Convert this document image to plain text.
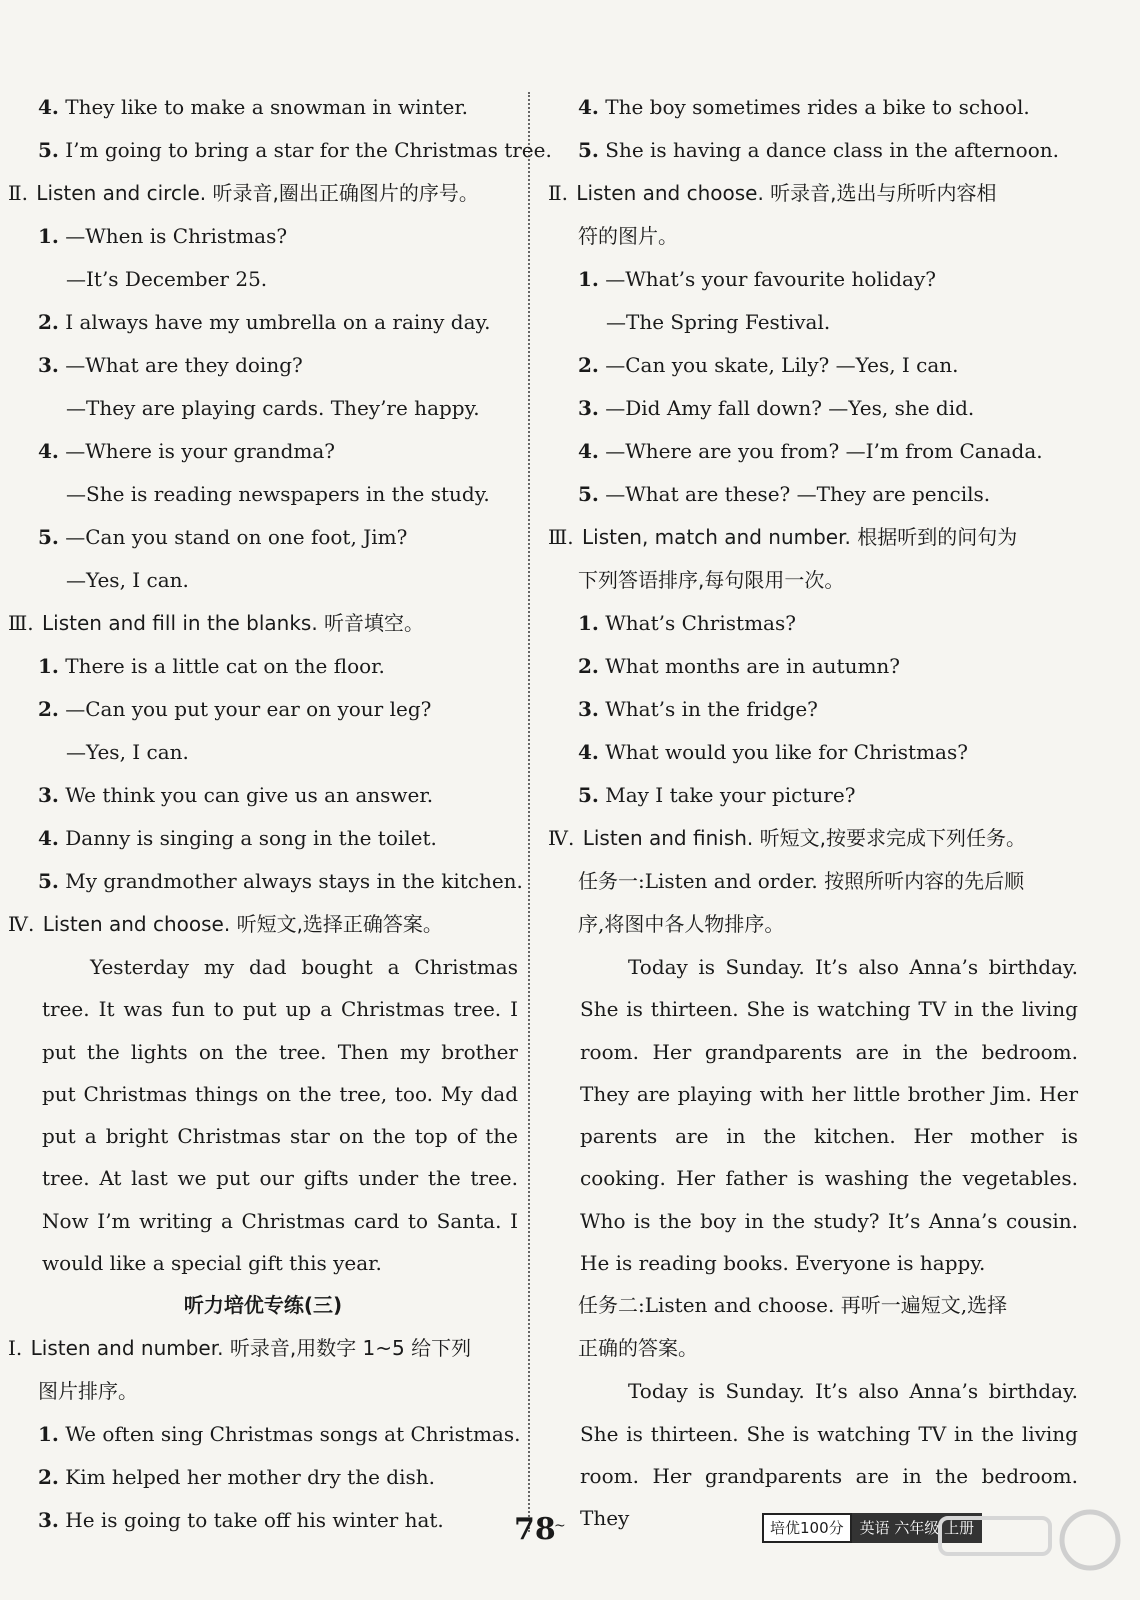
4. They like to make a snowman in winter.
5. I’m going to bring a star for the Christmas tree.
Ⅱ. Listen and circle. 听录音,圈出正确图片的序号。
1. —When is Christmas?
—It’s December 25.
2. I always have my umbrella on a rainy day.
3. —What are they doing?
—They are playing cards. They’re happy.
4. —Where is your grandma?
—She is reading newspapers in the study.
5. —Can you stand on one foot, Jim?
—Yes, I can.
Ⅲ. Listen and fill in the blanks. 听音填空。
1. There is a little cat on the floor.
2. —Can you put your ear on your leg?
—Yes, I can.
3. We think you can give us an answer.
4. Danny is singing a song in the toilet.
5. My grandmother always stays in the kitchen.
Ⅳ. Listen and choose. 听短文,选择正确答案。
Yesterday my dad bought a Christmas tree. It was fun to put up a Christmas tree. I put the lights on the tree. Then my brother put Christmas things on the tree, too. My dad put a bright Christmas star on the top of the tree. At last we put our gifts under the tree. Now I’m writing a Christmas card to Santa. I would like a special gift this year.
听力培优专练(三)
Ⅰ. Listen and number. 听录音,用数字 1~5 给下列
图片排序。
1. We often sing Christmas songs at Christmas.
2. Kim helped her mother dry the dish.
3. He is going to take off his winter hat.
4. The boy sometimes rides a bike to school.
5. She is having a dance class in the afternoon.
Ⅱ. Listen and choose. 听录音,选出与所听内容相
符的图片。
1. —What’s your favourite holiday?
—The Spring Festival.
2. —Can you skate, Lily? —Yes, I can.
3. —Did Amy fall down? —Yes, she did.
4. —Where are you from? —I’m from Canada.
5. —What are these? —They are pencils.
Ⅲ. Listen, match and number. 根据听到的问句为
下列答语排序,每句限用一次。
1. What’s Christmas?
2. What months are in autumn?
3. What’s in the fridge?
4. What would you like for Christmas?
5. May I take your picture?
Ⅳ. Listen and finish. 听短文,按要求完成下列任务。
任务一:Listen and order. 按照所听内容的先后顺
序,将图中各人物排序。
Today is Sunday. It’s also Anna’s birthday. She is thirteen. She is watching TV in the living room. Her grandparents are in the bedroom. They are playing with her little brother Jim. Her parents are in the kitchen. Her mother is cooking. Her father is washing the vegetables. Who is the boy in the study? It’s Anna’s cousin. He is reading books. Everyone is happy.
任务二:Listen and choose. 再听一遍短文,选择
正确的答案。
Today is Sunday. It’s also Anna’s birthday. She is thirteen. She is watching TV in the living room. Her grandparents are in the bedroom. They
78
~	培优100分	英语 六年级 上册
